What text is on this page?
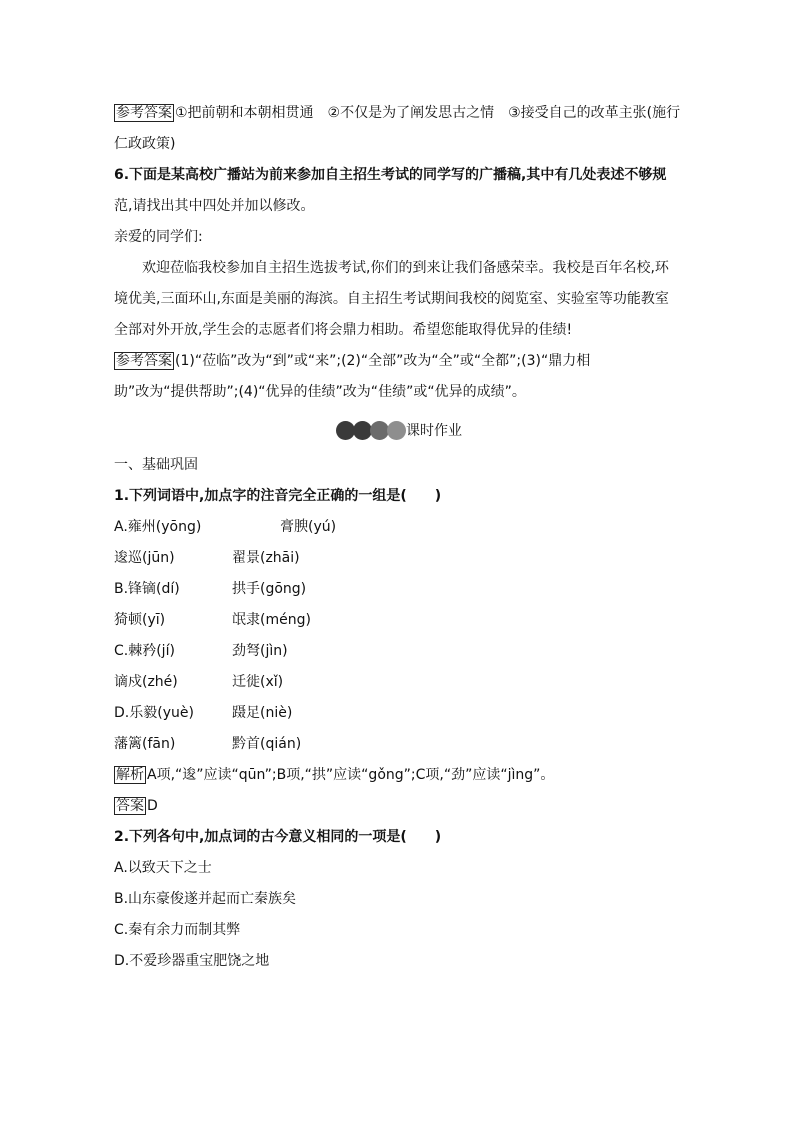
参考答案 ①把前朝和本朝相贯通　②不仅是为了阐发思古之情　③接受自己的改革主张(施行
仁政政策)
6.下面是某高校广播站为前来参加自主招生考试的同学写的广播稿,其中有几处表述不够规
范,请找出其中四处并加以修改。
亲爱的同学们:
欢迎莅临我校参加自主招生选拔考试,你们的到来让我们备感荣幸。我校是百年名校,环
境优美,三面环山,东面是美丽的海滨。自主招生考试期间我校的阅览室、实验室等功能教室
全部对外开放,学生会的志愿者们将会鼎力相助。希望您能取得优异的佳绩!
参考答案 (1)“莅临”改为“到”或“来”;(2)“全部”改为“全”或“全都”;(3)“鼎力相
助”改为“提供帮助”;(4)“优异的佳绩”改为“佳绩”或“优异的成绩”。
课时作业
一、基础巩固
1.下列词语中,加点字的注音完全正确的一组是(　　)
A.雍州(yōng)	膏腴(yú)
逡巡(jūn)	翟景(zhāi)
B.锋镝(dí)	拱手(gōng)
猗顿(yī)	氓隶(méng)
C.棘矜(jí)	劲弩(jìn)
谪戍(zhé)	迁徙(xǐ)
D.乐毅(yuè)	蹑足(niè)
藩篱(fān)	黔首(qián)
解析 A项,“逡”应读“qūn”;B项,“拱”应读“gǒng”;C项,“劲”应读“jìng”。
答案 D
2.下列各句中,加点词的古今意义相同的一项是(　　)
A.以致天下之士
B.山东豪俊遂并起而亡秦族矣
C.秦有余力而制其弊
D.不爱珍器重宝肥饶之地
